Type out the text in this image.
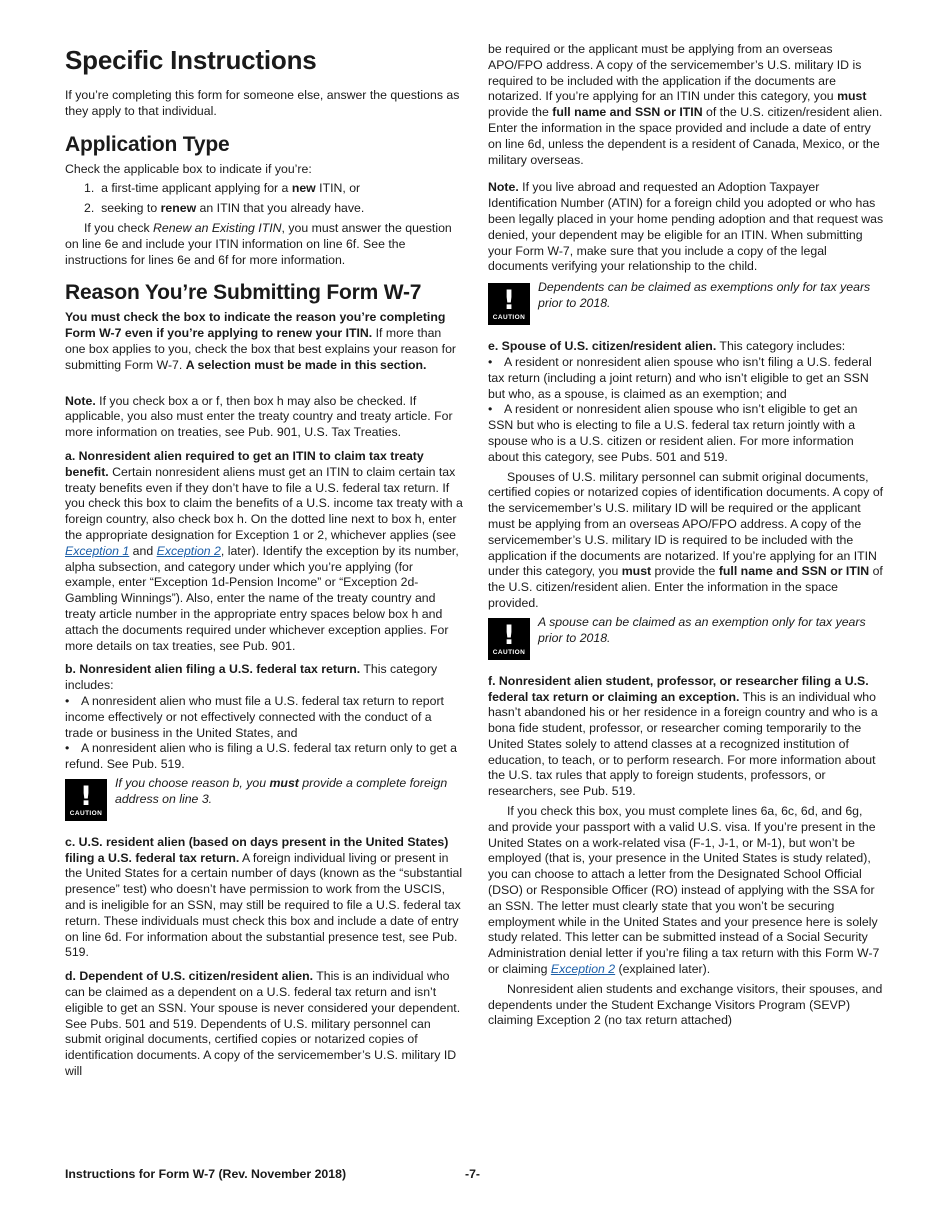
Specific Instructions

If you’re completing this form for someone else, answer the questions as they apply to that individual.

Application Type

Check the applicable box to indicate if you’re:

1. a first-time applicant applying for a new ITIN, or
2. seeking to renew an ITIN that you already have.

If you check Renew an Existing ITIN, you must answer the question on line 6e and include your ITIN information on line 6f. See the instructions for lines 6e and 6f for more information.

Reason You’re Submitting Form W-7

You must check the box to indicate the reason you’re completing Form W-7 even if you’re applying to renew your ITIN. If more than one box applies to you, check the box that best explains your reason for submitting Form W-7. A selection must be made in this section.

Note. If you check box a or f, then box h may also be checked. If applicable, you also must enter the treaty country and treaty article. For more information on treaties, see Pub. 901, U.S. Tax Treaties.

a. Nonresident alien required to get an ITIN to claim tax treaty benefit. Certain nonresident aliens must get an ITIN to claim certain tax treaty benefits even if they don’t have to file a U.S. federal tax return. If you check this box to claim the benefits of a U.S. income tax treaty with a foreign country, also check box h. On the dotted line next to box h, enter the appropriate designation for Exception 1 or 2, whichever applies (see Exception 1 and Exception 2, later). Identify the exception by its number, alpha subsection, and category under which you’re applying (for example, enter “Exception 1d-Pension Income” or “Exception 2d-Gambling Winnings”). Also, enter the name of the treaty country and treaty article number in the appropriate entry spaces below box h and attach the documents required under whichever exception applies. For more details on tax treaties, see Pub. 901.

b. Nonresident alien filing a U.S. federal tax return. This category includes:

• A nonresident alien who must file a U.S. federal tax return to report income effectively or not effectively connected with the conduct of a trade or business in the United States, and

• A nonresident alien who is filing a U.S. federal tax return only to get a refund. See Pub. 519.

!
CAUTION
If you choose reason b, you must provide a complete foreign address on line 3.

c. U.S. resident alien (based on days present in the United States) filing a U.S. federal tax return. A foreign individual living or present in the United States for a certain number of days (known as the “substantial presence” test) who doesn’t have permission to work from the USCIS, and is ineligible for an SSN, may still be required to file a U.S. federal tax return. These individuals must check this box and include a date of entry on line 6d. For information about the substantial presence test, see Pub. 519.

d. Dependent of U.S. citizen/resident alien. This is an individual who can be claimed as a dependent on a U.S. federal tax return and isn’t eligible to get an SSN. Your spouse is never considered your dependent. See Pubs. 501 and 519. Dependents of U.S. military personnel can submit original documents, certified copies or notarized copies of identification documents. A copy of the servicemember’s U.S. military ID will

be required or the applicant must be applying from an overseas APO/FPO address. A copy of the servicemember’s U.S. military ID is required to be included with the application if the documents are notarized. If you’re applying for an ITIN under this category, you must provide the full name and SSN or ITIN of the U.S. citizen/resident alien. Enter the information in the space provided and include a date of entry on line 6d, unless the dependent is a resident of Canada, Mexico, or the military overseas.

Note. If you live abroad and requested an Adoption Taxpayer Identification Number (ATIN) for a foreign child you adopted or who has been legally placed in your home pending adoption and that request was denied, your dependent may be eligible for an ITIN. When submitting your Form W-7, make sure that you include a copy of the legal documents verifying your relationship to the child.

!
CAUTION
Dependents can be claimed as exemptions only for tax years prior to 2018.

e. Spouse of U.S. citizen/resident alien. This category includes:

• A resident or nonresident alien spouse who isn’t filing a U.S. federal tax return (including a joint return) and who isn’t eligible to get an SSN but who, as a spouse, is claimed as an exemption; and

• A resident or nonresident alien spouse who isn’t eligible to get an SSN but who is electing to file a U.S. federal tax return jointly with a spouse who is a U.S. citizen or resident alien. For more information about this category, see Pubs. 501 and 519.

Spouses of U.S. military personnel can submit original documents, certified copies or notarized copies of identification documents. A copy of the servicemember’s U.S. military ID will be required or the applicant must be applying from an overseas APO/FPO address. A copy of the servicemember’s U.S. military ID is required to be included with the application if the documents are notarized. If you’re applying for an ITIN under this category, you must provide the full name and SSN or ITIN of the U.S. citizen/resident alien. Enter the information in the space provided.

!
CAUTION
A spouse can be claimed as an exemption only for tax years prior to 2018.

f. Nonresident alien student, professor, or researcher filing a U.S. federal tax return or claiming an exception. This is an individual who hasn’t abandoned his or her residence in a foreign country and who is a bona fide student, professor, or researcher coming temporarily to the United States solely to attend classes at a recognized institution of education, to teach, or to perform research. For more information about the U.S. tax rules that apply to foreign students, professors, or researchers, see Pub. 519.

If you check this box, you must complete lines 6a, 6c, 6d, and 6g, and provide your passport with a valid U.S. visa. If you’re present in the United States on a work-related visa (F-1, J-1, or M-1), but won’t be employed (that is, your presence in the United States is study related), you can choose to attach a letter from the Designated School Official (DSO) or Responsible Officer (RO) instead of applying with the SSA for an SSN. The letter must clearly state that you won’t be securing employment while in the United States and your presence here is solely study related. This letter can be submitted instead of a Social Security Administration denial letter if you’re filing a tax return with this Form W-7 or claiming Exception 2 (explained later).

Nonresident alien students and exchange visitors, their spouses, and dependents under the Student Exchange Visitors Program (SEVP) claiming Exception 2 (no tax return attached)

Instructions for Form W-7 (Rev. November 2018)	-7-
